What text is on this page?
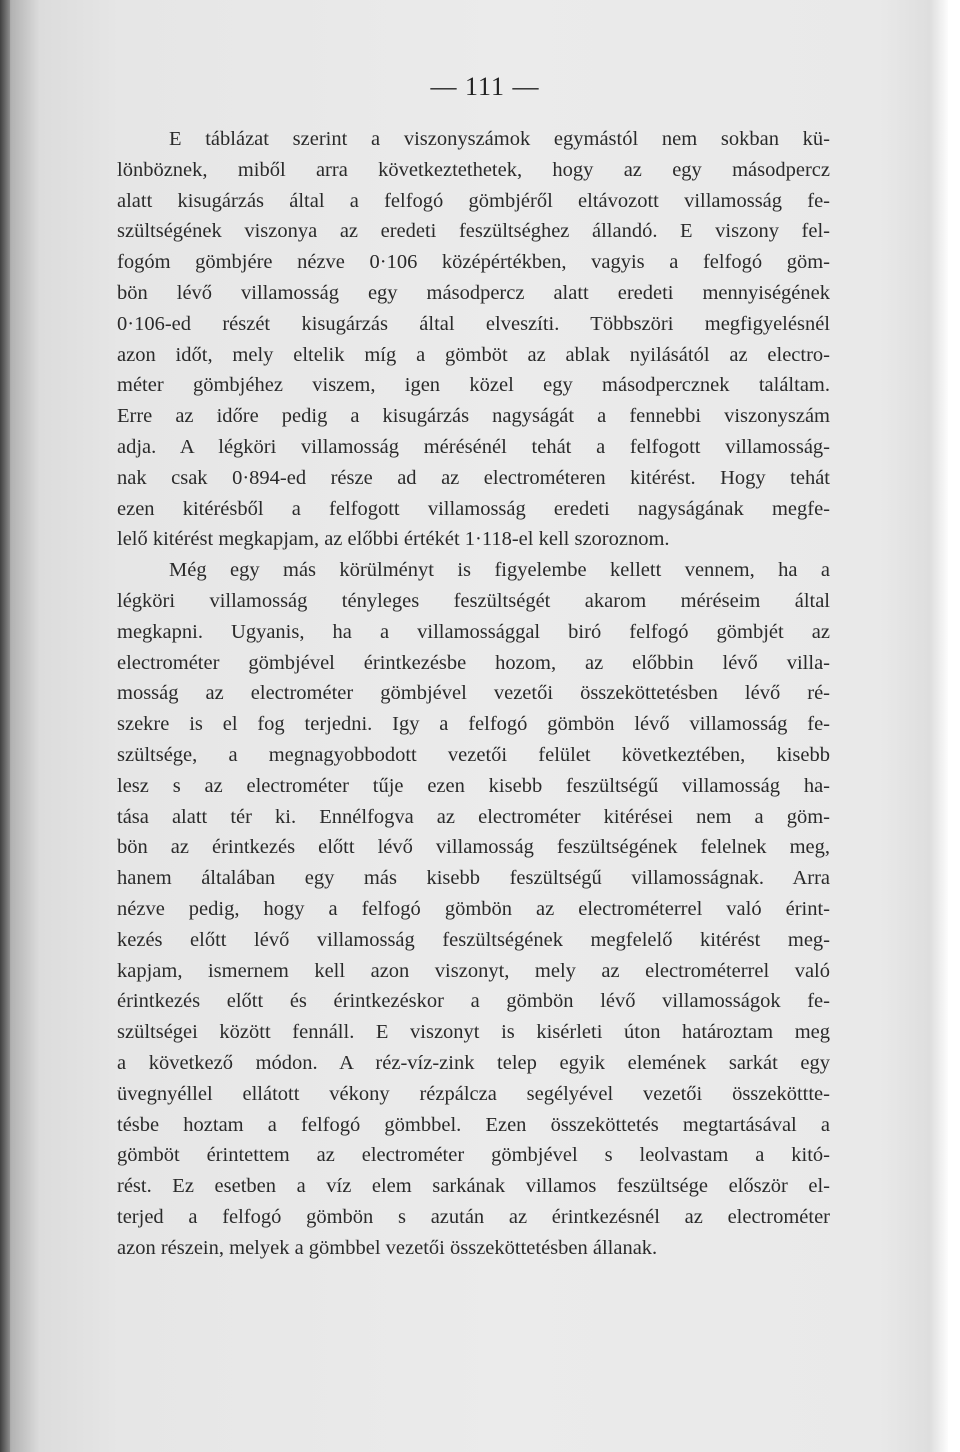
— 111 —
E táblázat szerint a viszonyszámok egymástól nem sokban kü-
lönböznek, miből arra következtethetek, hogy az egy másodpercz
alatt kisugárzás által a felfogó gömbjéről eltávozott villamosság fe-
szültségének viszonya az eredeti feszültséghez állandó. E viszony fel-
fogóm gömbjére nézve 0·106 középértékben, vagyis a felfogó göm-
bön lévő villamosság egy másodpercz alatt eredeti mennyiségének
0·106-ed részét kisugárzás által elveszíti. Többszöri megfigyelésnél
azon időt, mely eltelik míg a gömböt az ablak nyilásától az electro-
méter gömbjéhez viszem, igen közel egy másodpercznek találtam.
Erre az időre pedig a kisugárzás nagyságát a fennebbi viszonyszám
adja. A légköri villamosság mérésénél tehát a felfogott villamosság-
nak csak 0·894-ed része ad az electrométeren kitérést. Hogy tehát
ezen kitérésből a felfogott villamosság eredeti nagyságának megfe-
lelő kitérést megkapjam, az előbbi értékét 1·118-el kell szoroznom.
Még egy más körülményt is figyelembe kellett vennem, ha a
légköri villamosság tényleges feszültségét akarom méréseim által
megkapni. Ugyanis, ha a villamossággal biró felfogó gömbjét az
electrométer gömbjével érintkezésbe hozom, az előbbin lévő villa-
mosság az electrométer gömbjével vezetői összeköttetésben lévő ré-
szekre is el fog terjedni. Igy a felfogó gömbön lévő villamosság fe-
szültsége, a megnagyobbodott vezetői felület következtében, kisebb
lesz s az electrométer tűje ezen kisebb feszültségű villamosság ha-
tása alatt tér ki. Ennélfogva az electrométer kitérései nem a göm-
bön az érintkezés előtt lévő villamosság feszültségének felelnek meg,
hanem általában egy más kisebb feszültségű villamosságnak. Arra
nézve pedig, hogy a felfogó gömbön az electrométerrel való érint-
kezés előtt lévő villamosság feszültségének megfelelő kitérést meg-
kapjam, ismernem kell azon viszonyt, mely az electrométerrel való
érintkezés előtt és érintkezéskor a gömbön lévő villamosságok fe-
szültségei között fennáll. E viszonyt is kisérleti úton határoztam meg
a következő módon. A réz-víz-zink telep egyik elemének sarkát egy
üvegnyéllel ellátott vékony rézpálcza segélyével vezetői összeköttte-
tésbe hoztam a felfogó gömbbel. Ezen összeköttetés megtartásával a
gömböt érintettem az electrométer gömbjével s leolvastam a kitó-
rést. Ez esetben a víz elem sarkának villamos feszültsége először el-
terjed a felfogó gömbön s azután az érintkezésnél az electrométer
azon részein, melyek a gömbbel vezetői összeköttetésben állanak.
